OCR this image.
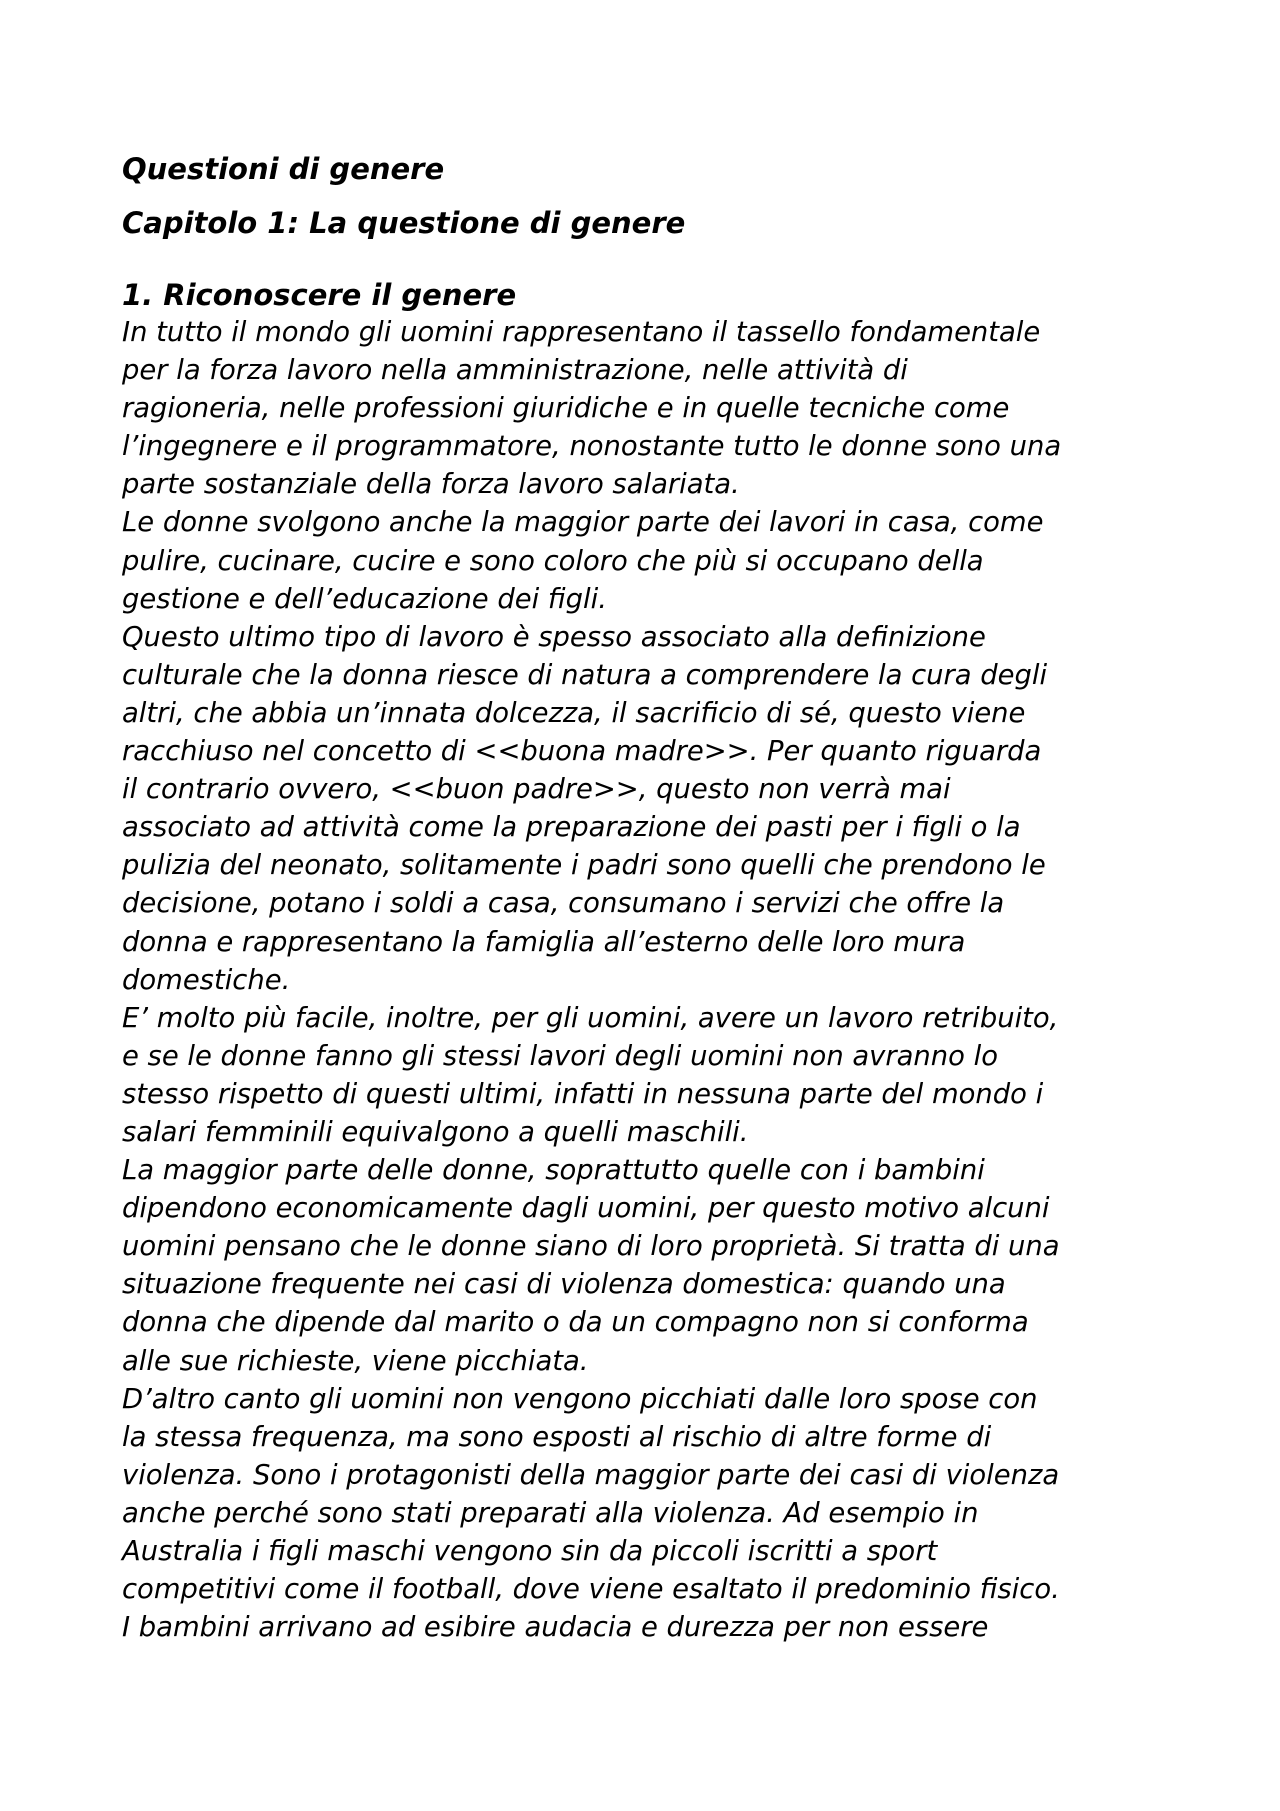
Questioni di genere
Capitolo 1: La questione di genere
1. Riconoscere il genere
In tutto il mondo gli uomini rappresentano il tassello fondamentale
per la forza lavoro nella amministrazione, nelle attività di
ragioneria, nelle professioni giuridiche e in quelle tecniche come
l’ingegnere e il programmatore, nonostante tutto le donne sono una
parte sostanziale della forza lavoro salariata.
Le donne svolgono anche la maggior parte dei lavori in casa, come
pulire, cucinare, cucire e sono coloro che più si occupano della
gestione e dell’educazione dei figli.
Questo ultimo tipo di lavoro è spesso associato alla definizione
culturale che la donna riesce di natura a comprendere la cura degli
altri, che abbia un’innata dolcezza, il sacrificio di sé, questo viene
racchiuso nel concetto di <<buona madre>>. Per quanto riguarda
il contrario ovvero, <<buon padre>>, questo non verrà mai
associato ad attività come la preparazione dei pasti per i figli o la
pulizia del neonato, solitamente i padri sono quelli che prendono le
decisione, potano i soldi a casa, consumano i servizi che offre la
donna e rappresentano la famiglia all’esterno delle loro mura
domestiche.
E’ molto più facile, inoltre, per gli uomini, avere un lavoro retribuito,
e se le donne fanno gli stessi lavori degli uomini non avranno lo
stesso rispetto di questi ultimi, infatti in nessuna parte del mondo i
salari femminili equivalgono a quelli maschili.
La maggior parte delle donne, soprattutto quelle con i bambini
dipendono economicamente dagli uomini, per questo motivo alcuni
uomini pensano che le donne siano di loro proprietà. Si tratta di una
situazione frequente nei casi di violenza domestica: quando una
donna che dipende dal marito o da un compagno non si conforma
alle sue richieste, viene picchiata.
D’altro canto gli uomini non vengono picchiati dalle loro spose con
la stessa frequenza, ma sono esposti al rischio di altre forme di
violenza. Sono i protagonisti della maggior parte dei casi di violenza
anche perché sono stati preparati alla violenza. Ad esempio in
Australia i figli maschi vengono sin da piccoli iscritti a sport
competitivi come il football, dove viene esaltato il predominio fisico.
I bambini arrivano ad esibire audacia e durezza per non essere
